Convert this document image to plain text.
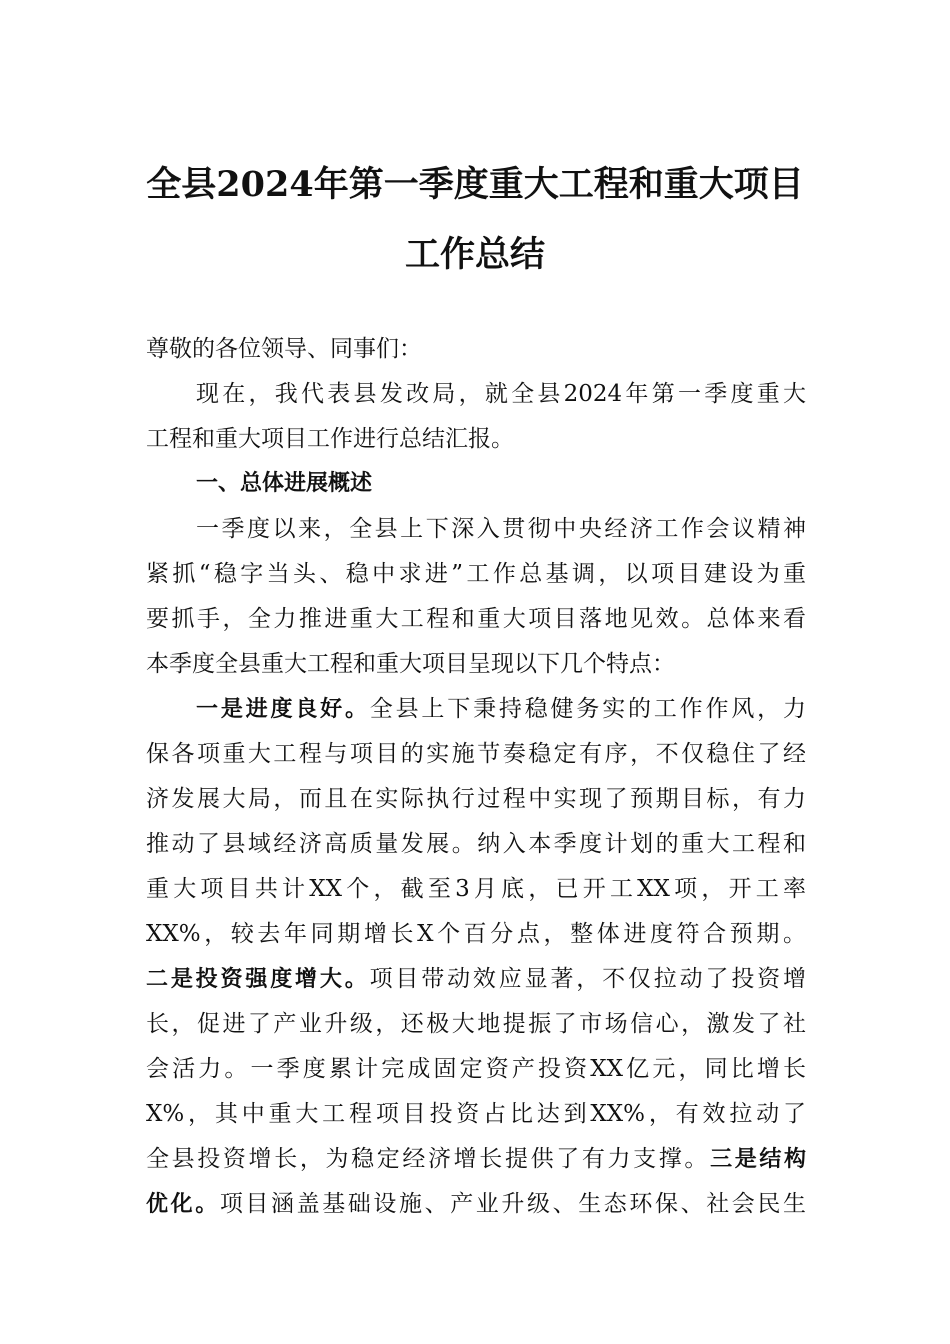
全县2024年第一季度重大工程和重大项目
工作总结
尊敬的各位领导、同事们：
现在，我代表县发改局，就全县2024年第一季度重大
工程和重大项目工作进行总结汇报。
一、总体进展概述
一季度以来，全县上下深入贯彻中央经济工作会议精神
紧抓“稳字当头、稳中求进”工作总基调，以项目建设为重
要抓手，全力推进重大工程和重大项目落地见效。总体来看
本季度全县重大工程和重大项目呈现以下几个特点：
一是进度良好。全县上下秉持稳健务实的工作作风，力
保各项重大工程与项目的实施节奏稳定有序，不仅稳住了经
济发展大局，而且在实际执行过程中实现了预期目标，有力
推动了县域经济高质量发展。纳入本季度计划的重大工程和
重大项目共计XX个，截至3月底，已开工XX项，开工率
XX%，较去年同期增长X个百分点，整体进度符合预期。
二是投资强度增大。项目带动效应显著，不仅拉动了投资增
长，促进了产业升级，还极大地提振了市场信心，激发了社
会活力。一季度累计完成固定资产投资XX亿元，同比增长
X%，其中重大工程项目投资占比达到XX%，有效拉动了
全县投资增长，为稳定经济增长提供了有力支撑。三是结构
优化。项目涵盖基础设施、产业升级、生态环保、社会民生
